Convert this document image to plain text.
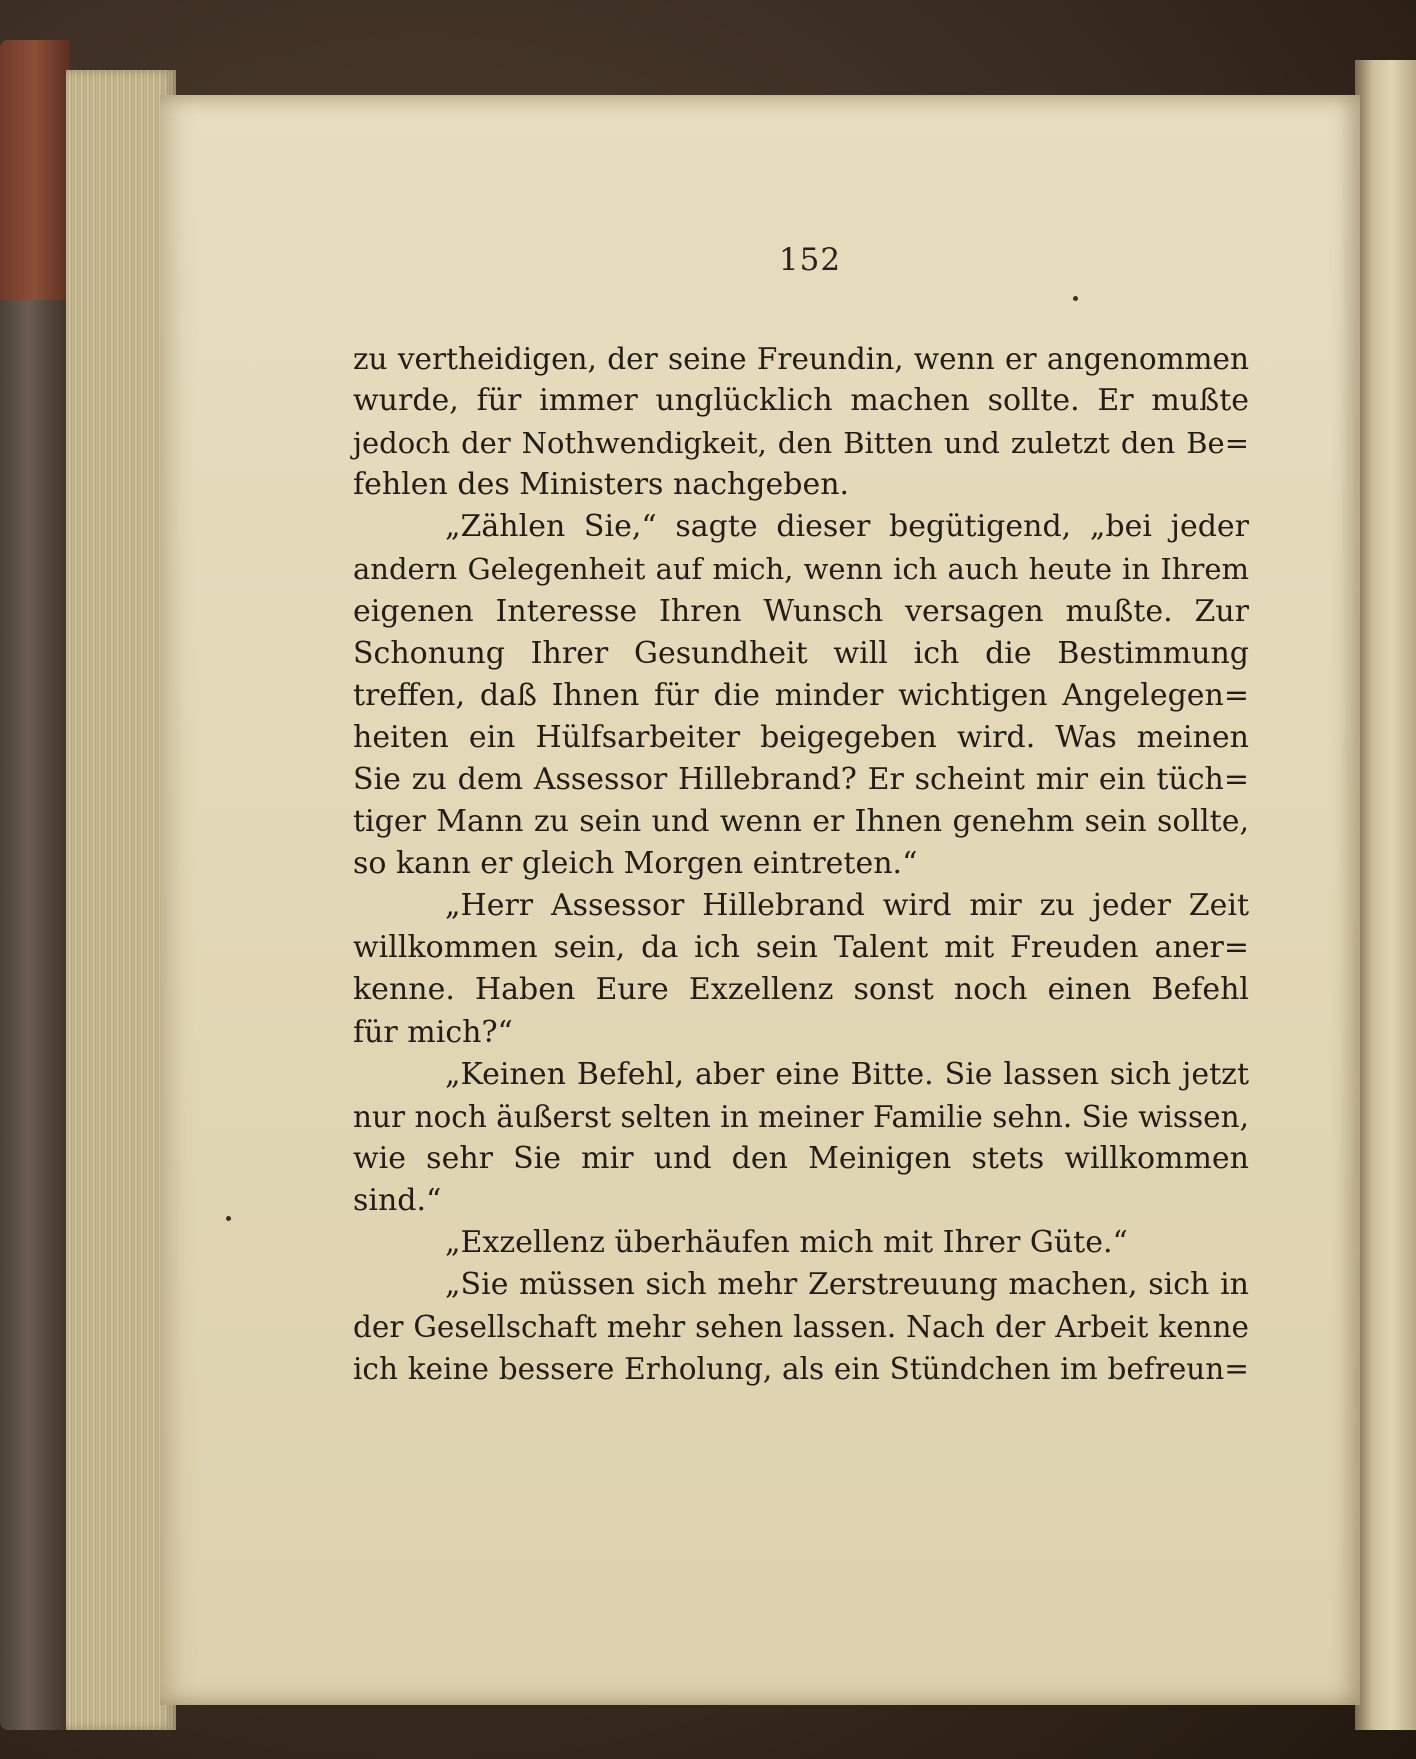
152
zu vertheidigen, der seine Freundin, wenn er angenommen
wurde, für immer unglücklich machen sollte. Er mußte
jedoch der Nothwendigkeit, den Bitten und zuletzt den Be=
fehlen des Ministers nachgeben.
„Zählen Sie,“ sagte dieser begütigend, „bei jeder
andern Gelegenheit auf mich, wenn ich auch heute in Ihrem
eigenen Interesse Ihren Wunsch versagen mußte. Zur
Schonung Ihrer Gesundheit will ich die Bestimmung
treffen, daß Ihnen für die minder wichtigen Angelegen=
heiten ein Hülfsarbeiter beigegeben wird. Was meinen
Sie zu dem Assessor Hillebrand? Er scheint mir ein tüch=
tiger Mann zu sein und wenn er Ihnen genehm sein sollte,
so kann er gleich Morgen eintreten.“
„Herr Assessor Hillebrand wird mir zu jeder Zeit
willkommen sein, da ich sein Talent mit Freuden aner=
kenne. Haben Eure Exzellenz sonst noch einen Befehl
für mich?“
„Keinen Befehl, aber eine Bitte. Sie lassen sich jetzt
nur noch äußerst selten in meiner Familie sehn. Sie wissen,
wie sehr Sie mir und den Meinigen stets willkommen
sind.“
„Exzellenz überhäufen mich mit Ihrer Güte.“
„Sie müssen sich mehr Zerstreuung machen, sich in
der Gesellschaft mehr sehen lassen. Nach der Arbeit kenne
ich keine bessere Erholung, als ein Stündchen im befreun=
